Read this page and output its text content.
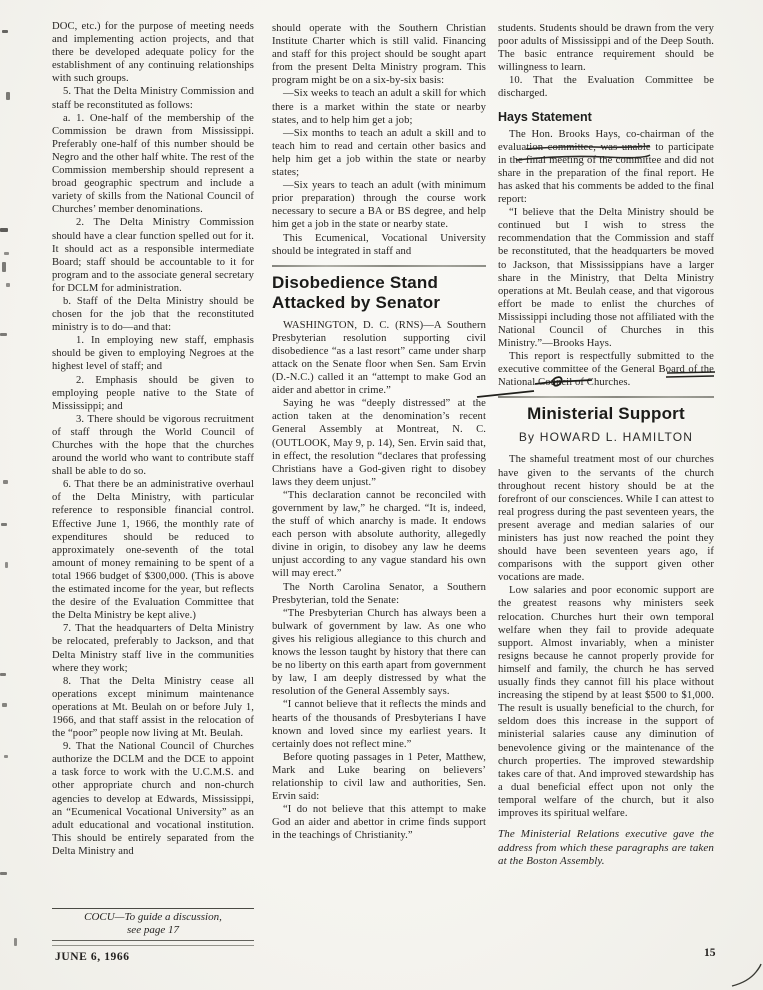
DOC, etc.) for the purpose of meeting needs and implementing action projects, and that there be developed adequate policy for the establishment of any continuing relationships with such groups.

5. That the Delta Ministry Commission and staff be reconstituted as follows:

a. 1. One-half of the membership of the Commission be drawn from Mississippi. Preferably one-half of this number should be Negro and the other half white. The rest of the Commission membership should represent a broad geographic spectrum and include a variety of skills from the National Council of Churches’ member denominations.

2. The Delta Ministry Commission should have a clear function spelled out for it. It should act as a responsible intermediate Board; staff should be accountable to it for program and to the associate general secretary for DCLM for administration.

b. Staff of the Delta Ministry should be chosen for the job that the reconstituted ministry is to do—and that:

1. In employing new staff, emphasis should be given to employing Negroes at the highest level of staff; and

2. Emphasis should be given to employing people native to the State of Mississippi; and

3. There should be vigorous recruitment of staff through the World Council of Churches with the hope that the churches around the world who want to contribute staff shall be able to do so.

6. That there be an administrative overhaul of the Delta Ministry, with particular reference to responsible financial control. Effective June 1, 1966, the monthly rate of expenditures should be reduced to approximately one-seventh of the total amount of money remaining to be spent of a total 1966 budget of $300,000. (This is above the estimated income for the year, but reflects the desire of the Evaluation Committee that the Delta Ministry be kept alive.)

7. That the headquarters of Delta Ministry be relocated, preferably to Jackson, and that Delta Ministry staff live in the communities where they work;

8. That the Delta Ministry cease all operations except minimum maintenance operations at Mt. Beulah on or before July 1, 1966, and that staff assist in the relocation of the “poor” people now living at Mt. Beulah.

9. That the National Council of Churches authorize the DCLM and the DCE to appoint a task force to work with the U.C.M.S. and other appropriate church and non-church agencies to develop at Edwards, Mississippi, an “Ecumenical Vocational University” as an adult educational and vocational institution. This should be entirely separated from the Delta Ministry and

COCU—To guide a discussion,
see page 17

should operate with the Southern Christian Institute Charter which is still valid. Financing and staff for this project should be sought apart from the present Delta Ministry program. This program might be on a six-by-six basis:

—Six weeks to teach an adult a skill for which there is a market within the state or nearby states, and to help him get a job;

—Six months to teach an adult a skill and to teach him to read and certain other basics and help him get a job within the state or nearby states;

—Six years to teach an adult (with minimum prior preparation) through the course work necessary to secure a BA or BS degree, and help him get a job in the state or nearby state.

This Ecumenical, Vocational University should be integrated in staff and

Disobedience Stand
Attacked by Senator

WASHINGTON, D. C. (RNS)—A Southern Presbyterian resolution supporting civil disobedience “as a last resort” came under sharp attack on the Senate floor when Sen. Sam Ervin (D.-N.C.) called it an “attempt to make God an aider and abettor in crime.”

Saying he was “deeply distressed” at the action taken at the denomination’s recent General Assembly at Montreat, N. C. (OUTLOOK, May 9, p. 14), Sen. Ervin said that, in effect, the resolution “declares that professing Christians have a God-given right to disobey laws they deem unjust.”

“This declaration cannot be reconciled with government by law,” he charged. “It is, indeed, the stuff of which anarchy is made. It endows each person with absolute authority, allegedly divine in origin, to disobey any law he deems unjust according to any vague standard his own will may erect.”

The North Carolina Senator, a Southern Presbyterian, told the Senate:

“The Presbyterian Church has always been a bulwark of government by law. As one who gives his religious allegiance to this church and knows the lesson taught by history that there can be no liberty on this earth apart from government by law, I am deeply distressed by what the resolution of the General Assembly says.

“I cannot believe that it reflects the minds and hearts of the thousands of Presbyterians I have known and loved since my earliest years. It certainly does not reflect mine.”

Before quoting passages in 1 Peter, Matthew, Mark and Luke bearing on believers’ relationship to civil law and authorities, Sen. Ervin said:

“I do not believe that this attempt to make God an aider and abettor in crime finds support in the teachings of Christianity.”

students. Students should be drawn from the very poor adults of Mississippi and of the Deep South. The basic entrance requirement should be willingness to learn.

10. That the Evaluation Committee be discharged.

Hays Statement

The Hon. Brooks Hays, co-chairman of the evaluation committee, was unable to participate in the final meeting of the committee and did not share in the preparation of the final report. He has asked that his comments be added to the final report:

“I believe that the Delta Ministry should be continued but I wish to stress the recommendation that the Commission and staff be reconstituted, that the headquarters be moved to Jackson, that Mississippians have a larger share in the Ministry, that Delta Ministry operations at Mt. Beulah cease, and that vigorous effort be made to enlist the churches of Mississippi including those not affiliated with the National Council of Churches in this Ministry.”—Brooks Hays.

This report is respectfully submitted to the executive committee of the General Board of the National Council of Churches.

Ministerial Support
By HOWARD L. HAMILTON

The shameful treatment most of our churches have given to the servants of the church throughout recent history should be at the forefront of our consciences. While I can attest to real progress during the past seventeen years, the present average and median salaries of our ministers has just now reached the point they should have been seventeen years ago, if comparisons with the support given other vocations are made.

Low salaries and poor economic support are the greatest reasons why ministers seek relocation. Churches hurt their own temporal welfare when they fail to provide adequate support. Almost invariably, when a minister resigns because he cannot properly provide for himself and family, the church he has served usually finds they cannot fill his place without increasing the stipend by at least $500 to $1,000. The result is usually beneficial to the church, for seldom does this increase in the support of ministerial salaries cause any diminution of benevolence giving or the maintenance of the church properties. The improved stewardship takes care of that. And improved stewardship has a dual beneficial effect upon not only the temporal welfare of the church, but it also improves its spiritual welfare.

The Ministerial Relations executive gave the address from which these paragraphs are taken at the Boston Assembly.

JUNE 6, 1966	15
